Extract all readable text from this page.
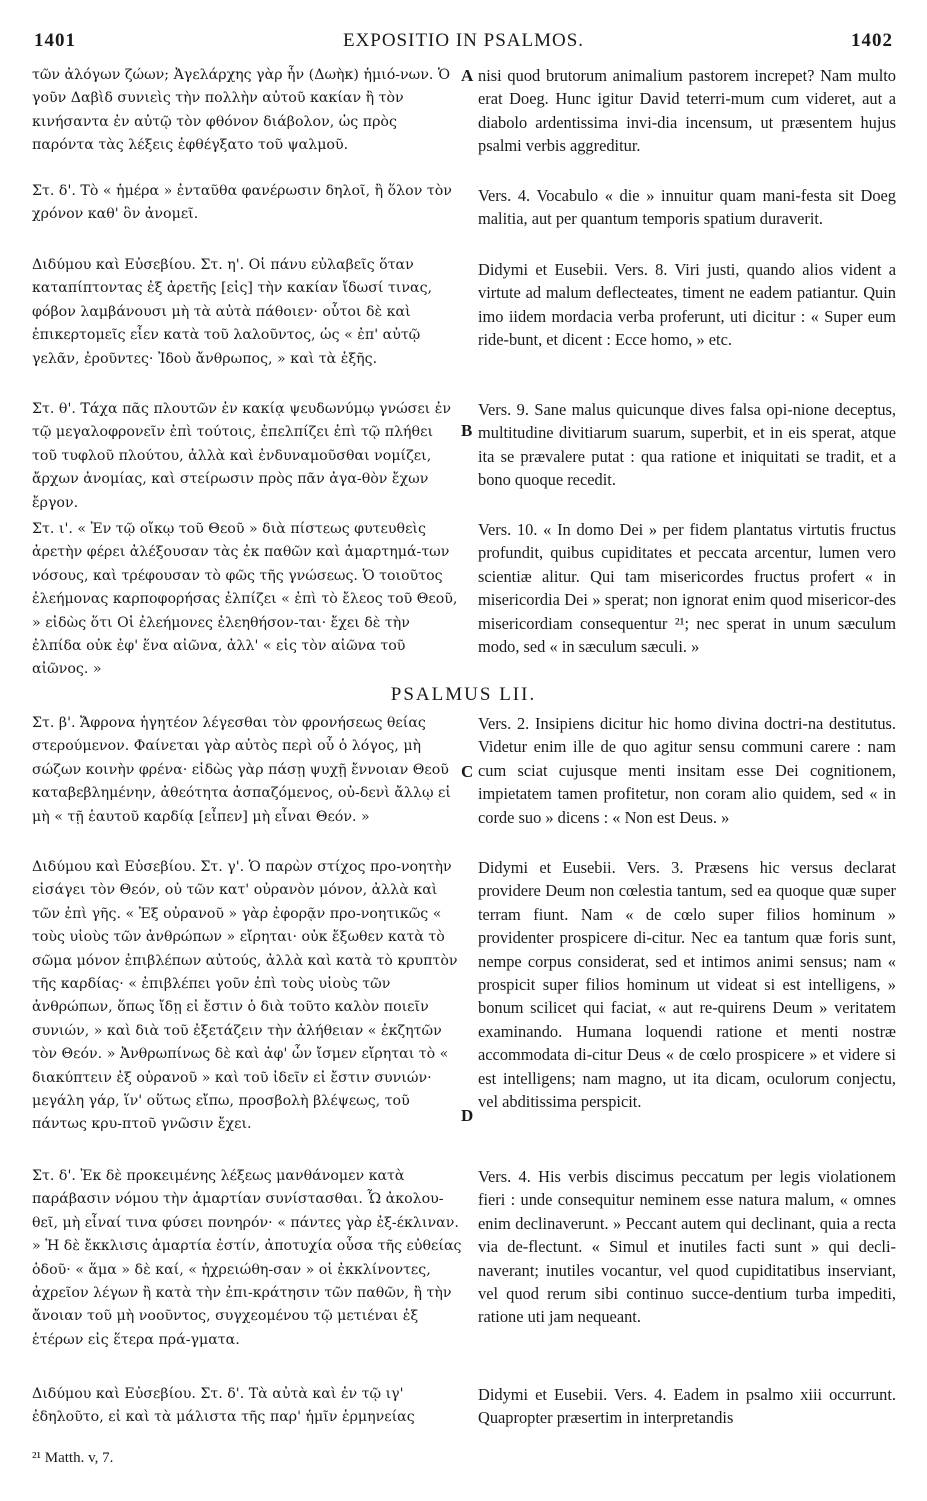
1401	EXPOSITIO IN PSALMOS.	1402
τῶν ἀλόγων ζώων; Ἀγελάρχης γὰρ ἦν (Δωὴκ) ἡμιό-νων. Ὁ γοῦν Δαβὶδ συνιεὶς τὴν πολλὴν αὐτοῦ κακίαν ἢ τὸν κινήσαντα ἐν αὐτῷ τὸν φθόνον διάβολον, ὡς πρὸς παρόντα τὰς λέξεις ἐφθέγξατο τοῦ ψαλμοῦ.
Στ. δ'. Τὸ « ἡμέρα » ἐνταῦθα φανέρωσιν δηλοῖ, ἢ ὅλον τὸν χρόνον καθ' ὃν ἀνομεῖ.
Διδύμου καὶ Εὐσεβίου. Στ. η'. Οἱ πάνυ εὐλαβεῖς ὅταν καταπίπτοντας ἐξ ἀρετῆς [εἰς] τὴν κακίαν ἴδωσί τινας, φόβον λαμβάνουσι μὴ τὰ αὐτὰ πάθοιεν· οὗτοι δὲ καὶ ἐπικερτομεῖς εἶεν κατὰ τοῦ λαλοῦντος, ὡς « ἐπ' αὐτῷ γελᾶν, ἐροῦντες· Ἰδοὺ ἄνθρωπος, » καὶ τὰ ἑξῆς.
Στ. θ'. Τάχα πᾶς πλουτῶν ἐν κακίᾳ ψευδωνύμῳ γνώσει ἐν τῷ μεγαλοφρονεῖν ἐπὶ τούτοις, ἐπελπίζει ἐπὶ τῷ πλήθει τοῦ τυφλοῦ πλούτου, ἀλλὰ καὶ ἐνδυναμοῦσθαι νομίζει, ἄρχων ἀνομίας, καὶ στείρωσιν πρὸς πᾶν ἀγα-θὸν ἔχων ἔργον.
Στ. ι'. « Ἐν τῷ οἴκῳ τοῦ Θεοῦ » διὰ πίστεως φυτευθεὶς ἀρετὴν φέρει ἀλέξουσαν τὰς ἐκ παθῶν καὶ ἁμαρτημά-των νόσους, καὶ τρέφουσαν τὸ φῶς τῆς γνώσεως. Ὁ τοιοῦτος ἐλεήμονας καρποφορήσας ἐλπίζει « ἐπὶ τὸ ἔλεος τοῦ Θεοῦ, » εἰδὼς ὅτι Οἱ ἐλεήμονες ἐλεηθήσον-ται· ἔχει δὲ τὴν ἐλπίδα οὐκ ἐφ' ἕνα αἰῶνα, ἀλλ' « εἰς τὸν αἰῶνα τοῦ αἰῶνος. »
Στ. β'. Ἄφρονα ἡγητέον λέγεσθαι τὸν φρονήσεως θείας στερούμενον. Φαίνεται γὰρ αὐτὸς περὶ οὗ ὁ λόγος, μὴ σώζων κοινὴν φρένα· εἰδὼς γὰρ πάσῃ ψυχῇ ἔννοιαν Θεοῦ καταβεβλημένην, ἀθεότητα ἀσπαζόμενος, οὐ-δενὶ ἄλλῳ εἰ μὴ « τῇ ἑαυτοῦ καρδίᾳ [εἶπεν] μὴ εἶναι Θεόν. »
Διδύμου καὶ Εὐσεβίου. Στ. γ'. Ὁ παρὼν στίχος προ-νοητὴν εἰσάγει τὸν Θεόν, οὐ τῶν κατ' οὐρανὸν μόνον, ἀλλὰ καὶ τῶν ἐπὶ γῆς. « Ἐξ οὐρανοῦ » γὰρ ἐφορᾷν προ-νοητικῶς « τοὺς υἱοὺς τῶν ἀνθρώπων » εἴρηται· οὐκ ἔξωθεν κατὰ τὸ σῶμα μόνον ἐπιβλέπων αὐτούς, ἀλλὰ καὶ κατὰ τὸ κρυπτὸν τῆς καρδίας· « ἐπιβλέπει γοῦν ἐπὶ τοὺς υἱοὺς τῶν ἀνθρώπων, ὅπως ἴδῃ εἰ ἔστιν ὁ διὰ τοῦτο καλὸν ποιεῖν συνιών, » καὶ διὰ τοῦ ἐξετάζειν τὴν ἀλήθειαν « ἐκζητῶν τὸν Θεόν. » Ἀνθρωπίνως δὲ καὶ ἀφ' ὧν ἴσμεν εἴρηται τὸ « διακύπτειν ἐξ οὐρανοῦ » καὶ τοῦ ἰδεῖν εἰ ἔστιν συνιών· μεγάλη γάρ, ἵν' οὕτως εἴπω, προσβολὴ βλέψεως, τοῦ πάντως κρυ-πτοῦ γνῶσιν ἔχει.
Στ. δ'. Ἐκ δὲ προκειμένης λέξεως μανθάνομεν κατὰ παράβασιν νόμου τὴν ἁμαρτίαν συνίστασθαι. Ὧ ἀκολου-θεῖ, μὴ εἶναί τινα φύσει πονηρόν· « πάντες γὰρ ἐξ-έκλιναν. » Ἡ δὲ ἔκκλισις ἁμαρτία ἐστίν, ἀποτυχία οὖσα τῆς εὐθείας ὁδοῦ· « ἅμα » δὲ καί, « ἠχρειώθη-σαν » οἱ ἐκκλίνοντες, ἀχρεῖον λέγων ἢ κατὰ τὴν ἐπι-κράτησιν τῶν παθῶν, ἢ τὴν ἄνοιαν τοῦ μὴ νοοῦντος, συγχεομένου τῷ μετιέναι ἐξ ἑτέρων εἰς ἕτερα πρά-γματα.
Διδύμου καὶ Εὐσεβίου. Στ. δ'. Τὰ αὐτὰ καὶ ἐν τῷ ιγ' ἐδηλοῦτο, εἰ καὶ τὰ μάλιστα τῆς παρ' ἡμῖν ἑρμηνείας
nisi quod brutorum animalium pastorem increpet? Nam multo erat Doeg. Hunc igitur David teterri-mum cum videret, aut a diabolo ardentissima invi-dia incensum, ut præsentem hujus psalmi verbis aggreditur.
Vers. 4. Vocabulo « die » innuitur quam mani-festa sit Doeg malitia, aut per quantum temporis spatium duraverit.
Didymi et Eusebii. Vers. 8. Viri justi, quando alios vident a virtute ad malum deflecteates, timent ne eadem patiantur. Quin imo iidem mordacia verba proferunt, uti dicitur : « Super eum ride-bunt, et dicent : Ecce homo, » etc.
Vers. 9. Sane malus quicunque dives falsa opi-nione deceptus, multitudine divitiarum suarum, superbit, et in eis sperat, atque ita se prævalere putat : qua ratione et iniquitati se tradit, et a bono quoque recedit.
Vers. 10. « In domo Dei » per fidem plantatus virtutis fructus profundit, quibus cupiditates et peccata arcentur, lumen vero scientiæ alitur. Qui tam misericordes fructus profert « in misericordia Dei » sperat; non ignorat enim quod misericor-des misericordiam consequentur ²¹; nec sperat in unum sæculum modo, sed « in sæculum sæculi. »
Vers. 2. Insipiens dicitur hic homo divina doctri-na destitutus. Videtur enim ille de quo agitur sensu communi carere : nam cum sciat cujusque menti insitam esse Dei cognitionem, impietatem tamen profitetur, non coram alio quidem, sed « in corde suo » dicens : « Non est Deus. »
Didymi et Eusebii. Vers. 3. Præsens hic versus declarat providere Deum non cœlestia tantum, sed ea quoque quæ super terram fiunt. Nam « de cœlo super filios hominum » providenter prospicere di-citur. Nec ea tantum quæ foris sunt, nempe corpus considerat, sed et intimos animi sensus; nam « prospicit super filios hominum ut videat si est intelligens, » bonum scilicet qui faciat, « aut re-quirens Deum » veritatem examinando. Humana loquendi ratione et menti nostræ accommodata di-citur Deus « de cœlo prospicere » et videre si est intelligens; nam magno, ut ita dicam, oculorum conjectu, vel abditissima perspicit.
Vers. 4. His verbis discimus peccatum per legis violationem fieri : unde consequitur neminem esse natura malum, « omnes enim declinaverunt. » Peccant autem qui declinant, quia a recta via de-flectunt. « Simul et inutiles facti sunt » qui decli-naverant; inutiles vocantur, vel quod cupiditatibus inserviant, vel quod rerum sibi continuo succe-dentium turba impediti, ratione uti jam nequeant.
Didymi et Eusebii. Vers. 4. Eadem in psalmo xiii occurrunt. Quapropter præsertim in interpretandis
A
B
C
D
PSALMUS LII.
²¹ Matth. v, 7.
